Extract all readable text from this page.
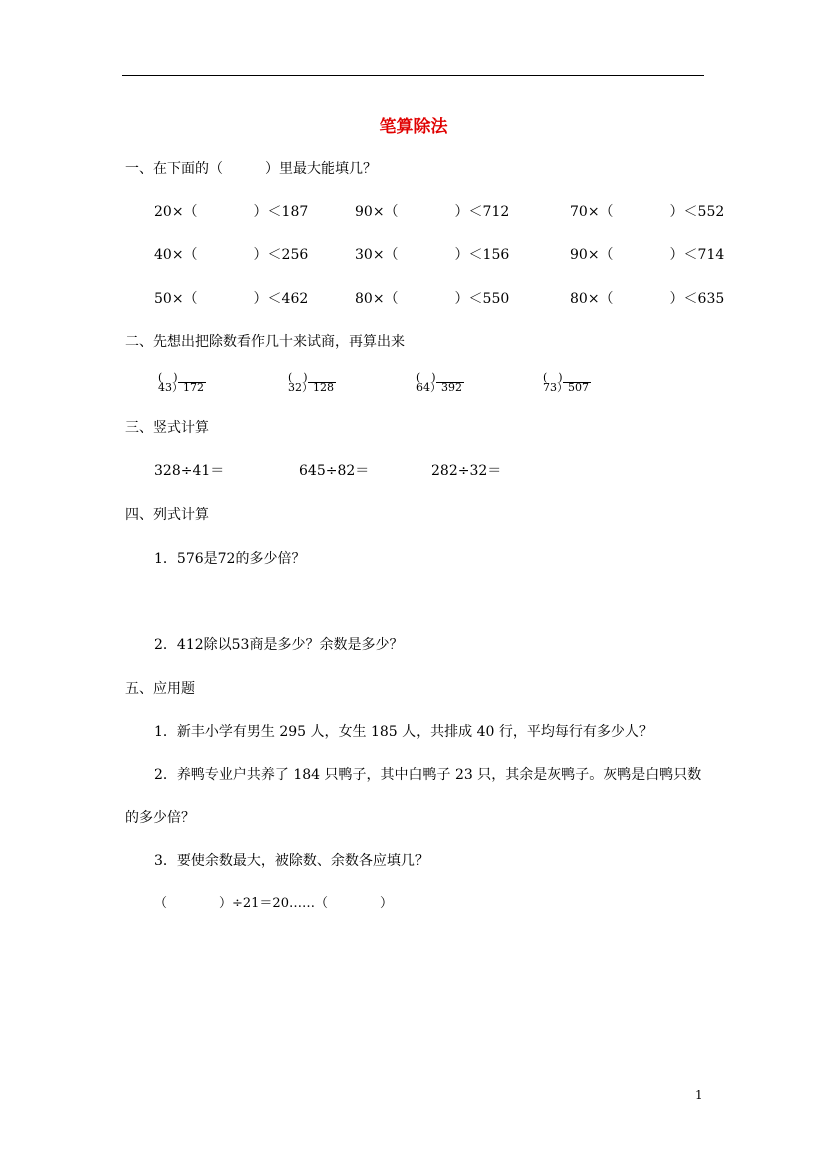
笔算除法
一、在下面的（　　　）里最大能填几？
20×（　　　　）＜187	90×（　　　　）＜712	70×（　　　　）＜552
40×（　　　　）＜256	30×（　　　　）＜156	90×（　　　　）＜714
50×（　　　　）＜462	80×（　　　　）＜550	80×（　　　　）＜635
二、先想出把除数看作几十来试商，再算出来
(　)
43）172
(　)
32）128
(　)
64）392
(　)
73）507
三、竖式计算
328÷41＝	645÷82＝	282÷32＝
四、列式计算
1．576是72的多少倍？
2．412除以53商是多少？余数是多少？
五、应用题
1．新丰小学有男生 295 人，女生 185 人，共排成 40 行，平均每行有多少人？
2．养鸭专业户共养了 184 只鸭子，其中白鸭子 23 只，其余是灰鸭子。灰鸭是白鸭只数
的多少倍？
3．要使余数最大，被除数、余数各应填几？
（　　　　）÷21＝20……（　　　　）
1
